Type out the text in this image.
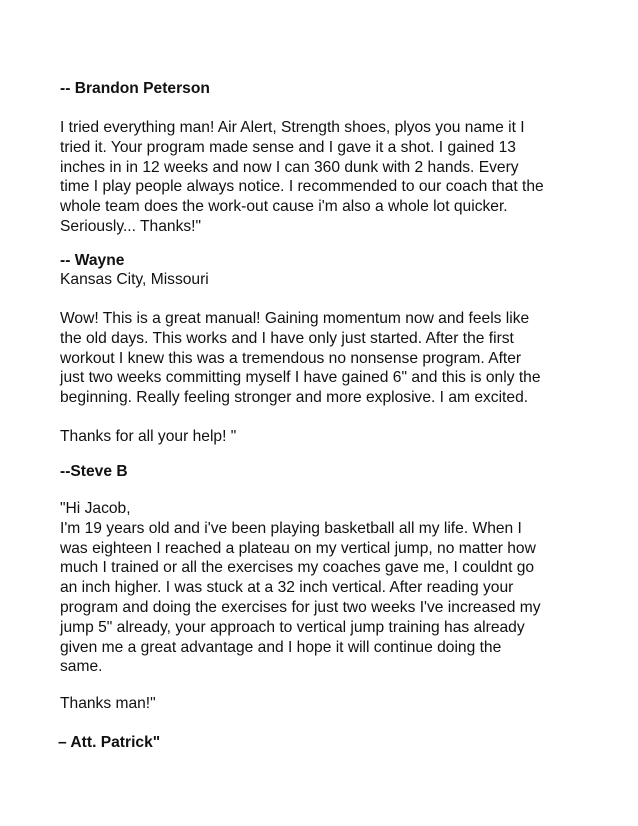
-- Brandon Peterson
I tried everything man! Air Alert, Strength shoes, plyos you name it I
tried it. Your program made sense and I gave it a shot. I gained 13
inches in in 12 weeks and now I can 360 dunk with 2 hands. Every
time I play people always notice. I recommended to our coach that the
whole team does the work-out cause i'm also a whole lot quicker.
Seriously... Thanks!"
-- Wayne
Kansas City, Missouri
Wow! This is a great manual! Gaining momentum now and feels like
the old days. This works and I have only just started. After the first
workout I knew this was a tremendous no nonsense program. After
just two weeks committing myself I have gained 6" and this is only the
beginning. Really feeling stronger and more explosive. I am excited.
Thanks for all your help! "
--Steve B
"Hi Jacob,
I'm 19 years old and i've been playing basketball all my life. When I
was eighteen I reached a plateau on my vertical jump, no matter how
much I trained or all the exercises my coaches gave me, I couldnt go
an inch higher. I was stuck at a 32 inch vertical. After reading your
program and doing the exercises for just two weeks I've increased my
jump 5" already, your approach to vertical jump training has already
given me a great advantage and I hope it will continue doing the
same.
Thanks man!"
– Att. Patrick"
